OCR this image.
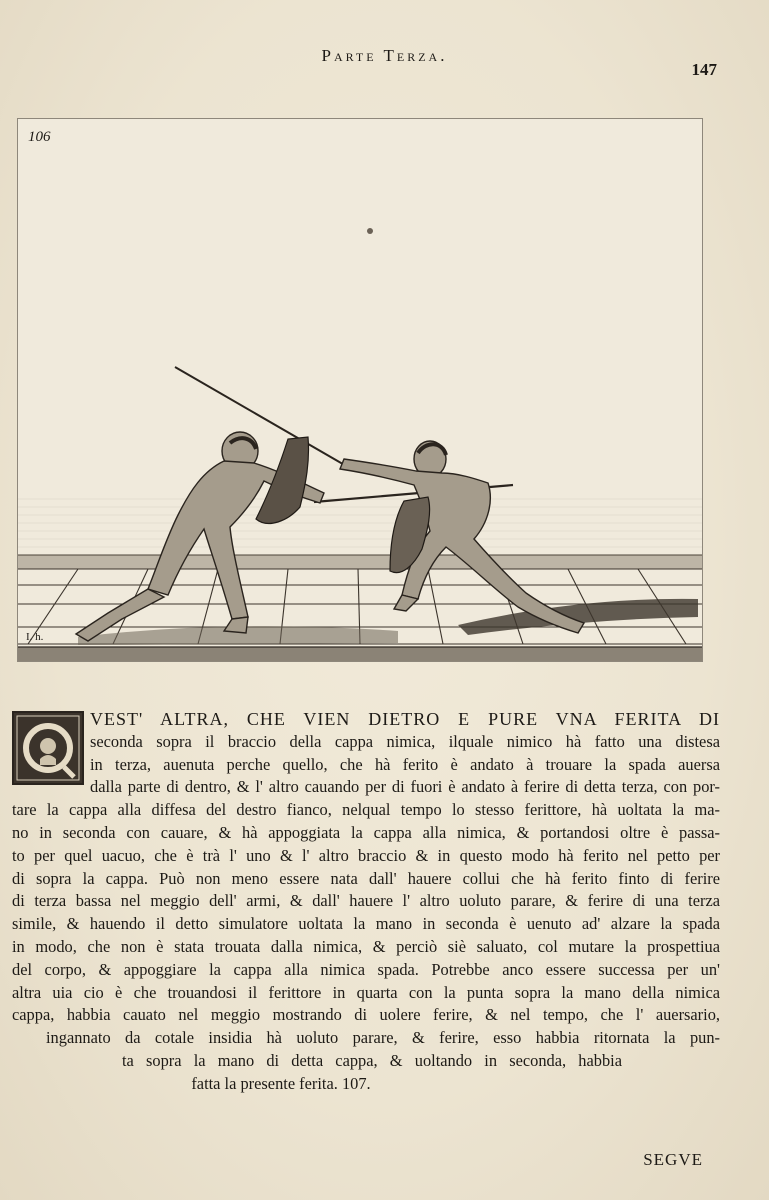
Parte Terza.
147
106
I. h.
VEST' ALTRA, CHE VIEN DIETRO E PURE VNA FERITA DI
seconda sopra il braccio della cappa nimica, ilquale nimico hà fatto una distesa
in terza, auenuta perche quello, che hà ferito è andato à trouare la spada auersa
dalla parte di dentro, & l' altro cauando per di fuori è andato à ferire di detta terza, con por-
tare la cappa alla diffesa del destro fianco, nelqual tempo lo stesso ferittore, hà uoltata la ma-
no in seconda con cauare, & hà appoggiata la cappa alla nimica, & portandosi oltre è passa-
to per quel uacuo, che è trà l' uno & l' altro braccio & in questo modo hà ferito nel petto per
di sopra la cappa. Può non meno essere nata dall' hauere collui che hà ferito finto di ferire
di terza bassa nel meggio dell' armi, & dall' hauere l' altro uoluto parare, & ferire di una terza
simile, & hauendo il detto simulatore uoltata la mano in seconda è uenuto ad' alzare la spada
in modo, che non è stata trouata dalla nimica, & perciò siè saluato, col mutare la prospettiua
del corpo, & appoggiare la cappa alla nimica spada. Potrebbe anco essere successa per un'
altra uia cio è che trouandosi il ferittore in quarta con la punta sopra la mano della nimica
cappa, habbia cauato nel meggio mostrando di uolere ferire, & nel tempo, che l' auersario,
ingannato da cotale insidia hà uoluto parare, & ferire, esso habbia ritornata la pun-
ta sopra la mano di detta cappa, & uoltando in seconda, habbia
fatta la presente ferita. 107.
SEGVE
